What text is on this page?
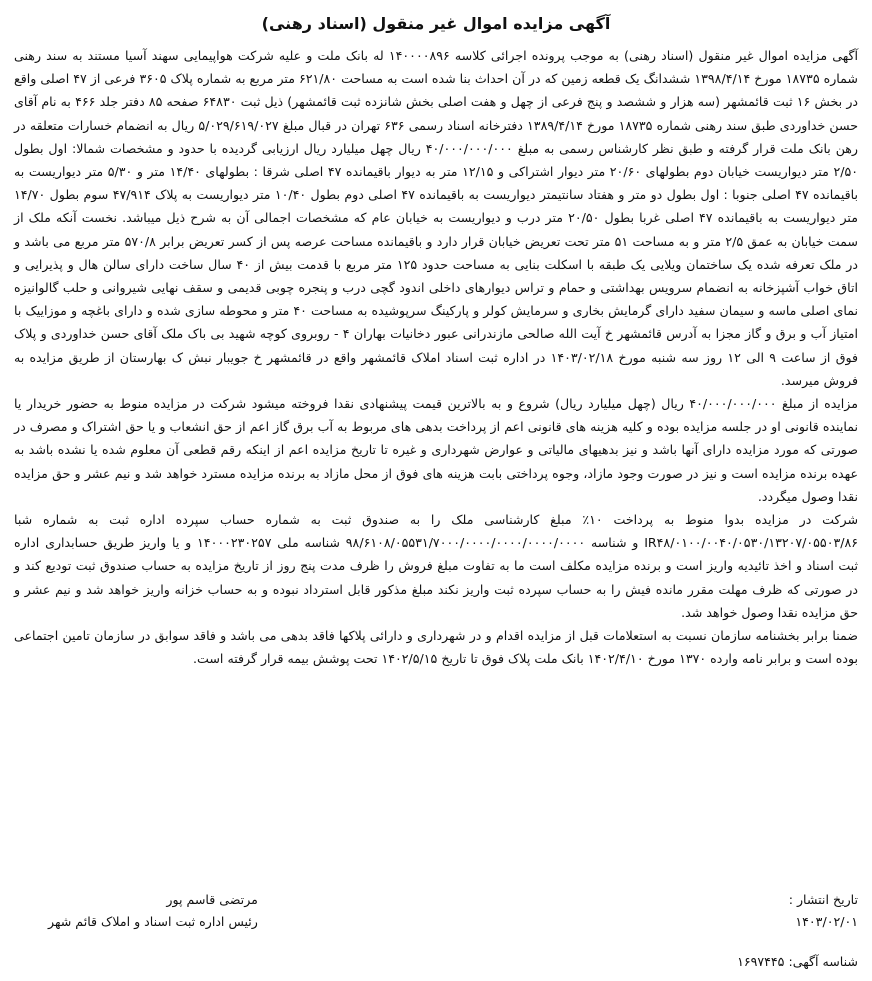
آگهی مزایده اموال غیر منقول (اسناد رهنی)

آگهی مزایده اموال غیر منقول (اسناد رهنی) به موجب پرونده اجرائی کلاسه ۱۴۰۰۰۰۸۹۶ له بانک ملت و علیه شرکت هواپیمایی سهند آسیا مستند به سند رهنی شماره ۱۸۷۳۵ مورخ ۱۳۹۸/۴/۱۴ ششدانگ یک قطعه زمین که در آن احداث بنا شده است به مساحت ۶۲۱/۸۰ متر مربع به شماره پلاک ۳۶۰۵ فرعی از ۴۷ اصلی واقع در بخش ۱۶ ثبت قائمشهر (سه هزار و ششصد و پنج فرعی از چهل و هفت اصلی بخش شانزده ثبت قائمشهر) ذیل ثبت ۶۴۸۳۰ صفحه ۸۵ دفتر جلد ۴۶۶ به نام آقای حسن خداوردی طبق سند رهنی شماره ۱۸۷۳۵ مورخ ۱۳۸۹/۴/۱۴ دفترخانه اسناد رسمی ۶۳۶ تهران در قبال مبلغ ۵/۰۲۹/۶۱۹/۰۲۷ ریال به انضمام خسارات متعلقه در رهن بانک ملت قرار گرفته و طبق نظر کارشناس رسمی به مبلغ ۴۰/۰۰۰/۰۰۰/۰۰۰ ریال چهل میلیارد ریال ارزیابی گردیده با حدود و مشخصات شمالا: اول بطول ۲/۵۰ متر دیواریست خیابان دوم بطولهای ۲۰/۶۰ متر دیوار اشتراکی و ۱۲/۱۵ متر به دیوار باقیمانده ۴۷ اصلی شرقا : بطولهای ۱۴/۴۰ متر و ۵/۳۰ متر دیواریست به باقیمانده ۴۷ اصلی جنوبا : اول بطول دو متر و هفتاد سانتیمتر دیواریست به باقیمانده ۴۷ اصلی دوم بطول ۱۰/۴۰ متر دیواریست به پلاک ۴۷/۹۱۴ سوم بطول ۱۴/۷۰ متر دیواریست به باقیمانده ۴۷ اصلی غربا بطول ۲۰/۵۰ متر درب و دیواریست به خیابان عام که مشخصات اجمالی آن به شرح ذیل میباشد. نخست آنکه ملک از سمت خیابان به عمق ۲/۵ متر و به مساحت ۵۱ متر تحت تعریض خیابان قرار دارد و باقیمانده مساحت عرصه پس از کسر تعریض برابر ۵۷۰/۸ متر مربع می باشد و در ملک تعرفه شده یک ساختمان ویلایی یک طبقه با اسکلت بنایی به مساحت حدود ۱۲۵ متر مربع با قدمت بیش از ۴۰ سال ساخت دارای سالن هال و پذیرایی و اتاق خواب آشپزخانه به انضمام سرویس بهداشتی و حمام و تراس دیوارهای داخلی اندود گچی درب و پنجره چوبی قدیمی و سقف نهایی شیروانی و حلب گالوانیزه نمای اصلی ماسه و سیمان سفید دارای گرمایش بخاری و سرمایش کولر و پارکینگ سرپوشیده به مساحت ۴۰ متر و محوطه سازی شده و دارای باغچه و موزاییک با امتیاز آب و برق و گاز مجزا به آدرس قائمشهر خ آیت الله صالحی مازندرانی عبور دخانیات بهاران ۴ - روبروی کوچه شهید بی باک ملک آقای حسن خداوردی و پلاک فوق از ساعت ۹ الی ۱۲ روز سه شنبه مورخ ۱۴۰۳/۰۲/۱۸ در اداره ثبت اسناد املاک قائمشهر واقع در قائمشهر خ جویبار نبش ک بهارستان از طریق مزایده به فروش میرسد.

مزایده از مبلغ ۴۰/۰۰۰/۰۰۰/۰۰۰ ریال (چهل میلیارد ریال) شروع و به بالاترین قیمت پیشنهادی نقدا فروخته میشود شرکت در مزایده منوط به حضور خریدار یا نماینده قانونی او در جلسه مزایده بوده و کلیه هزینه های قانونی اعم از پرداخت بدهی های مربوط به آب برق گاز اعم از حق انشعاب و یا حق اشتراک و مصرف در صورتی که مورد مزایده دارای آنها باشد و نیز بدهیهای مالیاتی و عوارض شهرداری و غیره تا تاریخ مزایده اعم از اینکه رقم قطعی آن معلوم شده یا نشده باشد به عهده برنده مزایده است و نیز در صورت وجود مازاد، وجوه پرداختی بابت هزینه های فوق از محل مازاد به برنده مزایده مسترد خواهد شد و نیم عشر و حق مزایده نقدا وصول میگردد.

شرکت در مزایده بدوا منوط به پرداخت ۱۰٪ مبلغ کارشناسی ملک را به صندوق ثبت به شماره حساب سپرده اداره ثبت به شماره شبا IR۴۸/۰۱۰۰/۰۰۴۰/۰۵۳۰/۱۳۲۰۷/۰۵۵۰۳/۸۶ و شناسه ۹۸/۶۱۰۸/۰۵۵۳۱/۷۰۰۰/۰۰۰۰/۰۰۰۰/۰۰۰۰/۰۰۰۰ شناسه ملی ۱۴۰۰۰۲۳۰۲۵۷ و یا واریز طریق حسابداری اداره ثبت اسناد و اخذ تائیدیه واریز است و برنده مزایده مکلف است ما به تفاوت مبلغ فروش را ظرف مدت پنج روز از تاریخ مزایده به حساب صندوق ثبت تودیع کند و در صورتی که ظرف مهلت مقرر مانده فیش را به حساب سپرده ثبت واریز نکند مبلغ مذکور قابل استرداد نبوده و به حساب خزانه واریز خواهد شد و نیم عشر و حق مزایده نقدا وصول خواهد شد.

ضمنا برابر بخشنامه سازمان نسبت به استعلامات قبل از مزایده اقدام و در شهرداری و دارائی پلاکها فاقد بدهی می باشد و فاقد سوابق در سازمان تامین اجتماعی بوده است و برابر نامه وارده ۱۳۷۰ مورخ ۱۴۰۲/۴/۱۰ بانک ملت پلاک فوق تا تاریخ ۱۴۰۲/۵/۱۵ تحت پوشش بیمه قرار گرفته است.

تاریخ انتشار :
۱۴۰۳/۰۲/۰۱
مرتضی قاسم پور
رئیس اداره ثبت اسناد و املاک قائم شهر
شناسه آگهی: ۱۶۹۷۴۴۵
